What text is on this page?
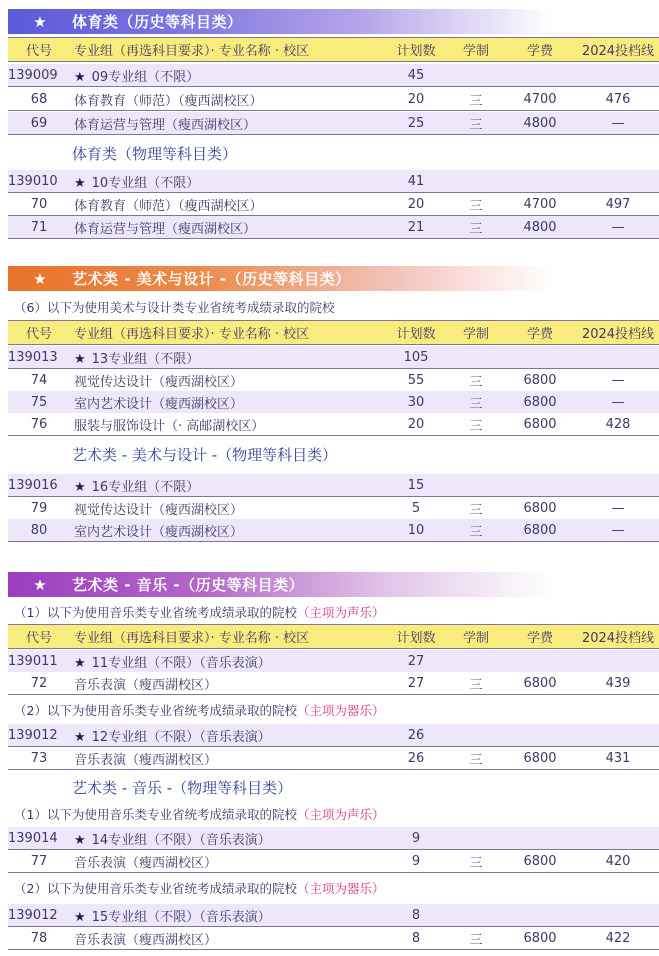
★	体育类（历史等科目类）
代号	专业组（再选科目要求）· 专业名称 · 校区	计划数	学制	学费	2024投档线
139009	★ 09专业组（不限）	45
68	体育教育（师范）（瘦西湖校区）	20	三	4700	476
69	体育运营与管理（瘦西湖校区）	25	三	4800	—
体育类（物理等科目类）
139010	★ 10专业组（不限）	41
70	体育教育（师范）（瘦西湖校区）	20	三	4700	497
71	体育运营与管理（瘦西湖校区）	21	三	4800	—
★	艺术类 - 美术与设计 -（历史等科目类）
（6）以下为使用美术与设计类专业省统考成绩录取的院校
代号	专业组（再选科目要求）· 专业名称 · 校区	计划数	学制	学费	2024投档线
139013	★ 13专业组（不限）	105
74	视觉传达设计（瘦西湖校区）	55	三	6800	—
75	室内艺术设计（瘦西湖校区）	30	三	6800	—
76	服装与服饰设计（· 高邮湖校区）	20	三	6800	428
艺术类 - 美术与设计 -（物理等科目类）
139016	★ 16专业组（不限）	15
79	视觉传达设计（瘦西湖校区）	5	三	6800	—
80	室内艺术设计（瘦西湖校区）	10	三	6800	—
★	艺术类 - 音乐 -（历史等科目类）
（1）以下为使用音乐类专业省统考成绩录取的院校（主项为声乐）
代号	专业组（再选科目要求）· 专业名称 · 校区	计划数	学制	学费	2024投档线
139011	★ 11专业组（不限）（音乐表演）	27
72	音乐表演（瘦西湖校区）	27	三	6800	439
（2）以下为使用音乐类专业省统考成绩录取的院校（主项为器乐）
139012	★ 12专业组（不限）（音乐表演）	26
73	音乐表演（瘦西湖校区）	26	三	6800	431
艺术类 - 音乐 -（物理等科目类）
（1）以下为使用音乐类专业省统考成绩录取的院校（主项为声乐）
139014	★ 14专业组（不限）（音乐表演）	9
77	音乐表演（瘦西湖校区）	9	三	6800	420
（2）以下为使用音乐类专业省统考成绩录取的院校（主项为器乐）
139012	★ 15专业组（不限）（音乐表演）	8
78	音乐表演（瘦西湖校区）	8	三	6800	422
